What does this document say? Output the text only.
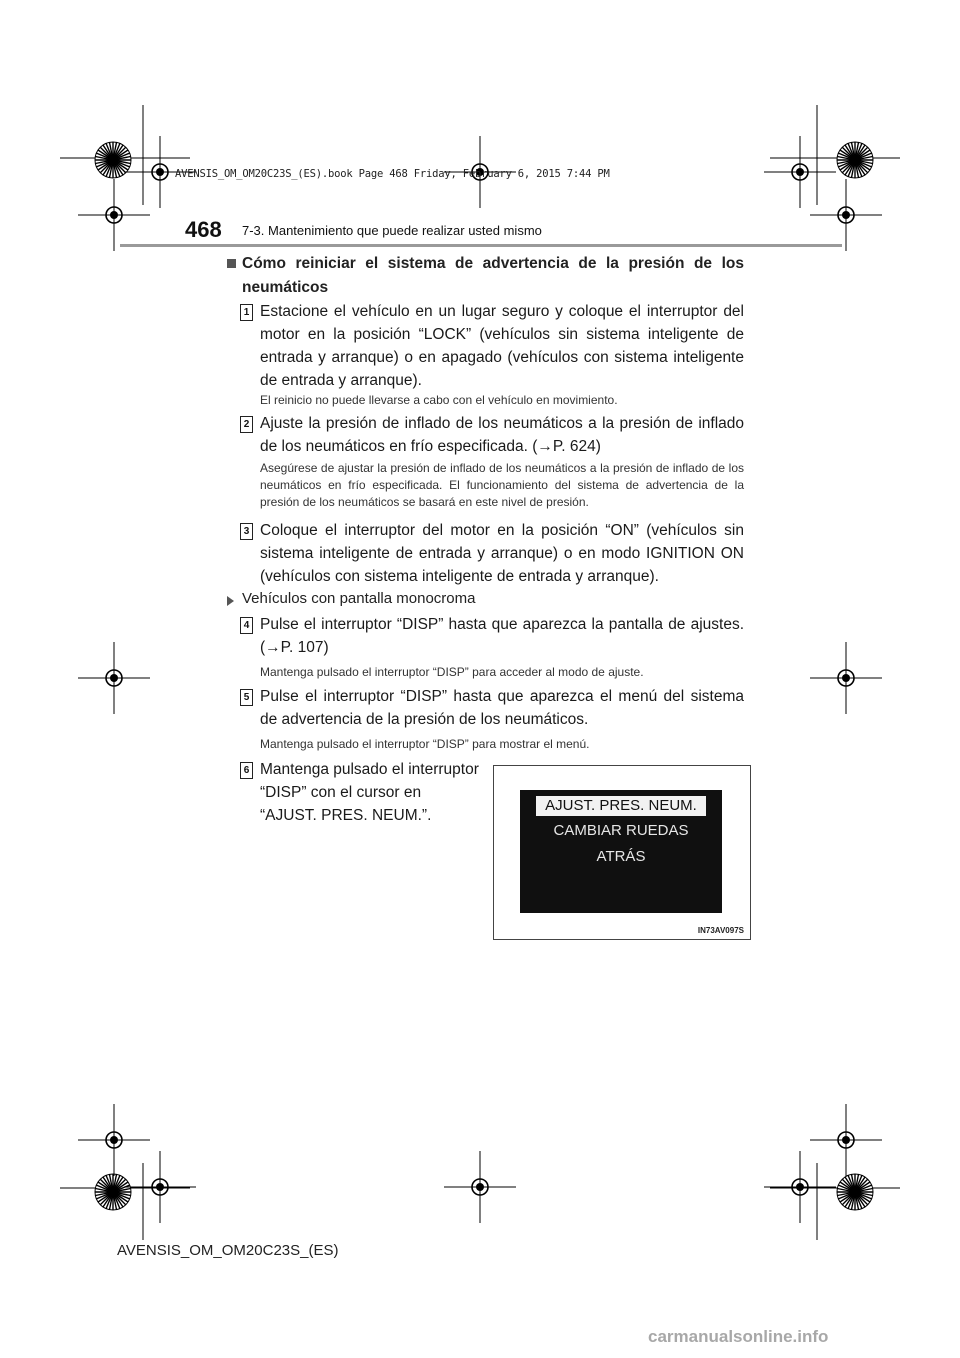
AVENSIS_OM_OM20C23S_(ES).book Page 468 Friday, February 6, 2015 7:44 PM
468 7-3. Mantenimiento que puede realizar usted mismo
Cómo reiniciar el sistema de advertencia de la presión de los neumáticos
1 Estacione el vehículo en un lugar seguro y coloque el interruptor del motor en la posición “LOCK” (vehículos sin sistema inteligente de entrada y arranque) o en apagado (vehículos con sistema inteligente de entrada y arranque).
El reinicio no puede llevarse a cabo con el vehículo en movimiento.
2 Ajuste la presión de inflado de los neumáticos a la presión de inflado de los neumáticos en frío especificada. (→P. 624)
Asegúrese de ajustar la presión de inflado de los neumáticos a la presión de inflado de los neumáticos en frío especificada. El funcionamiento del sistema de advertencia de la presión de los neumáticos se basará en este nivel de presión.
3 Coloque el interruptor del motor en la posición “ON” (vehículos sin sistema inteligente de entrada y arranque) o en modo IGNITION ON (vehículos con sistema inteligente de entrada y arranque).
Vehículos con pantalla monocroma
4 Pulse el interruptor “DISP” hasta que aparezca la pantalla de ajustes. (→P. 107)
Mantenga pulsado el interruptor “DISP” para acceder al modo de ajuste.
5 Pulse el interruptor “DISP” hasta que aparezca el menú del sistema de advertencia de la presión de los neumáticos.
Mantenga pulsado el interruptor “DISP” para mostrar el menú.
6 Mantenga pulsado el interruptor “DISP” con el cursor en “AJUST. PRES. NEUM.”.
AJUST. PRES. NEUM.
CAMBIAR RUEDAS
ATRÁS
IN73AV097S
AVENSIS_OM_OM20C23S_(ES)
carmanualsonline.info
